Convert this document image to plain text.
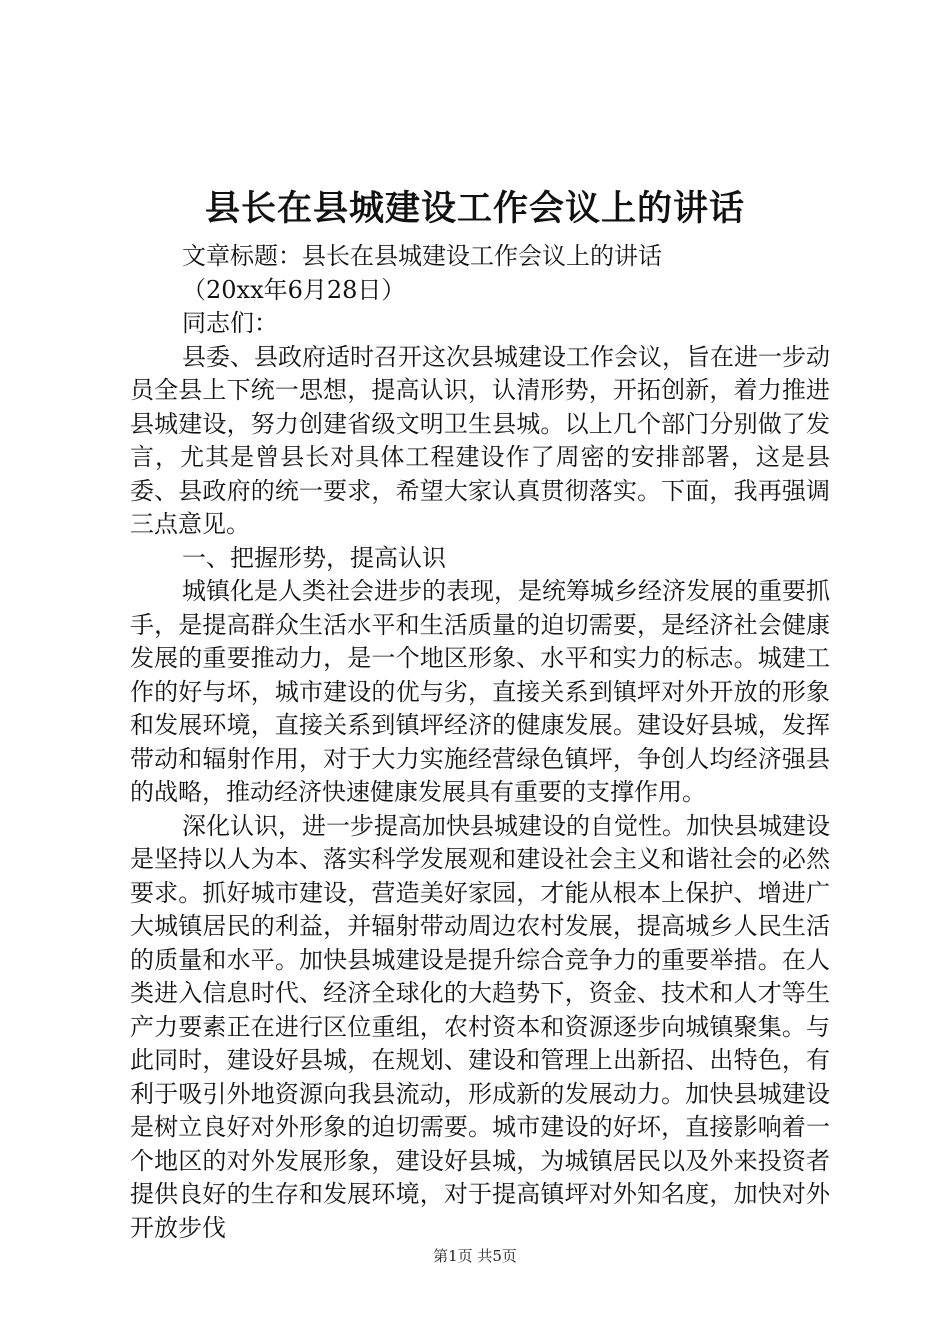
县长在县城建设工作会议上的讲话

文章标题：县长在县城建设工作会议上的讲话

（20xx年6月28日）

同志们：

县委、县政府适时召开这次县城建设工作会议，旨在进一步动员全县上下统一思想，提高认识，认清形势，开拓创新，着力推进县城建设，努力创建省级文明卫生县城。以上几个部门分别做了发言，尤其是曾县长对具体工程建设作了周密的安排部署，这是县委、县政府的统一要求，希望大家认真贯彻落实。下面，我再强调三点意见。

一、把握形势，提高认识

城镇化是人类社会进步的表现，是统筹城乡经济发展的重要抓手，是提高群众生活水平和生活质量的迫切需要，是经济社会健康发展的重要推动力，是一个地区形象、水平和实力的标志。城建工作的好与坏，城市建设的优与劣，直接关系到镇坪对外开放的形象和发展环境，直接关系到镇坪经济的健康发展。建设好县城，发挥带动和辐射作用，对于大力实施经营绿色镇坪，争创人均经济强县的战略，推动经济快速健康发展具有重要的支撑作用。

深化认识，进一步提高加快县城建设的自觉性。加快县城建设是坚持以人为本、落实科学发展观和建设社会主义和谐社会的必然要求。抓好城市建设，营造美好家园，才能从根本上保护、增进广大城镇居民的利益，并辐射带动周边农村发展，提高城乡人民生活的质量和水平。加快县城建设是提升综合竞争力的重要举措。在人类进入信息时代、经济全球化的大趋势下，资金、技术和人才等生产力要素正在进行区位重组，农村资本和资源逐步向城镇聚集。与此同时，建设好县城，在规划、建设和管理上出新招、出特色，有利于吸引外地资源向我县流动，形成新的发展动力。加快县城建设是树立良好对外形象的迫切需要。城市建设的好坏，直接影响着一个地区的对外发展形象，建设好县城，为城镇居民以及外来投资者提供良好的生存和发展环境，对于提高镇坪对外知名度，加快对外开放步伐

第1页 共5页
